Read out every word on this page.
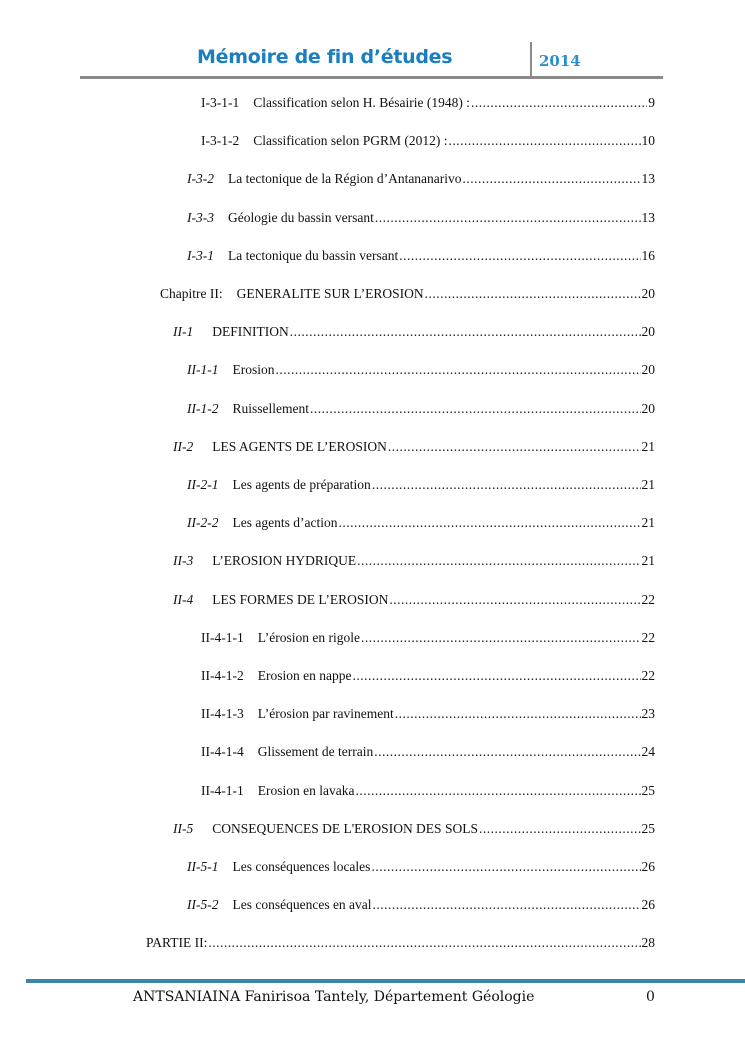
Mémoire de fin d’études	2014
I-3-1-1 Classification selon H. Bésairie (1948) : .....	9
I-3-1-2 Classification selon PGRM (2012) : .....	10
I-3-2 La tectonique de la Région d’Antananarivo .....	13
I-3-3 Géologie du bassin versant .....	13
I-3-1 La tectonique du bassin versant .....	16
Chapitre II: GENERALITE SUR L’EROSION .....	20
II-1 DEFINITION .....	20
II-1-1 Erosion .....	20
II-1-2 Ruissellement .....	20
II-2 LES AGENTS DE L’EROSION .....	21
II-2-1 Les agents de préparation .....	21
II-2-2 Les agents d’action .....	21
II-3 L’EROSION HYDRIQUE .....	21
II-4 LES FORMES DE L’EROSION .....	22
II-4-1-1 L’érosion en rigole .....	22
II-4-1-2 Erosion en nappe .....	22
II-4-1-3 L’érosion par ravinement .....	23
II-4-1-4 Glissement de terrain .....	24
II-4-1-1 Erosion en lavaka .....	25
II-5 CONSEQUENCES DE L'EROSION DES SOLS .....	25
II-5-1 Les conséquences locales .....	26
II-5-2 Les conséquences en aval .....	26
PARTIE II: .....	28
ANTSANIAINA Fanirisoa Tantely, Département Géologie	0
